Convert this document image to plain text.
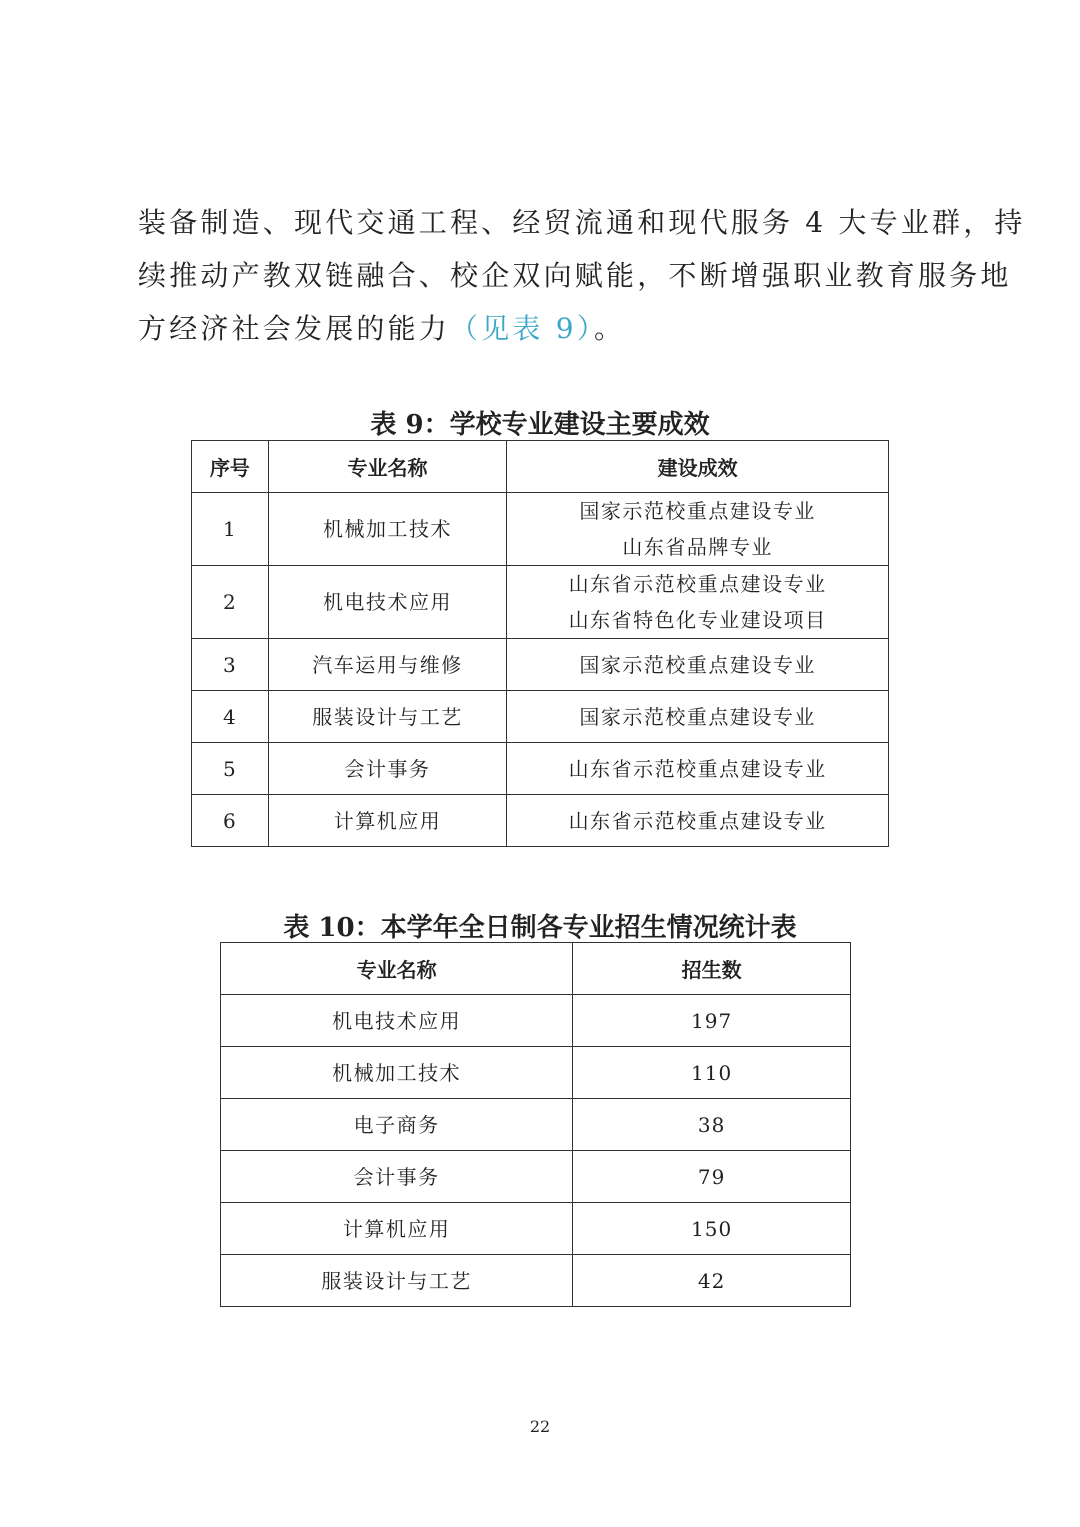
装备制造、现代交通工程、经贸流通和现代服务 4 大专业群，持
续推动产教双链融合、校企双向赋能，不断增强职业教育服务地
方经济社会发展的能力（见表 9）。

表 9：学校专业建设主要成效

序号	专业名称	建设成效
1	机械加工技术	国家示范校重点建设专业
山东省品牌专业

2	机电技术应用	山东省示范校重点建设专业
山东省特色化专业建设项目

3	汽车运用与维修	国家示范校重点建设专业

4	服装设计与工艺	国家示范校重点建设专业

5	会计事务	山东省示范校重点建设专业

6	计算机应用	山东省示范校重点建设专业

表 10：本学年全日制各专业招生情况统计表

专业名称	招生数

机电技术应用	197

机械加工技术	110

电子商务	38

会计事务	79

计算机应用	150

服装设计与工艺	42

22
